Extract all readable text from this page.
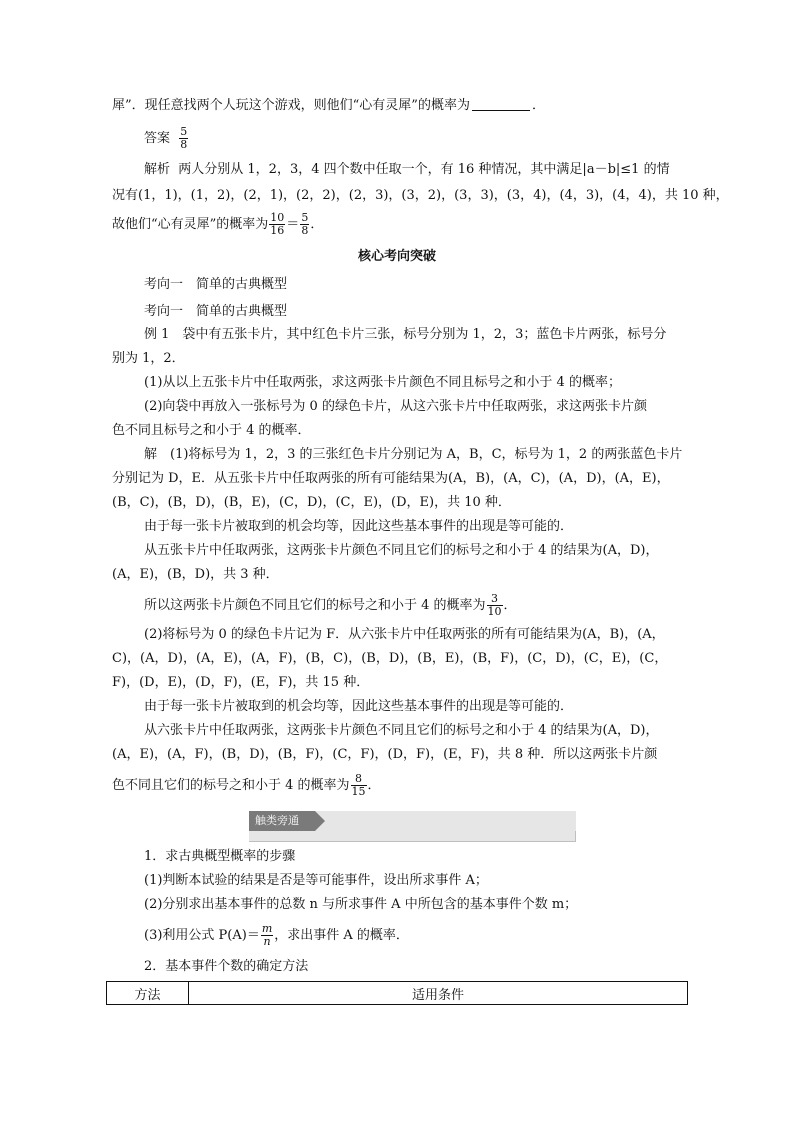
犀”．现任意找两个人玩这个游戏，则他们“心有灵犀”的概率为	．
答案 $\frac{5}{8}$
解析 两人分别从 1，2，3，4 四个数中任取一个，有 16 种情况，其中满足|a－b|≤1 的情
况有(1，1)，(1，2)，(2，1)，(2，2)，(2，3)，(3，2)，(3，3)，(3，4)，(4，3)，(4，4)，共 10 种，
故他们“心有灵犀”的概率为 $\frac{10}{16} = \frac{5}{8}$ ．
核心考向突破
考向一　简单的古典概型
考向一　简单的古典概型
例 1　袋中有五张卡片，其中红色卡片三张，标号分别为 1，2，3；蓝色卡片两张，标号分
别为 1，2．
(1)从以上五张卡片中任取两张，求这两张卡片颜色不同且标号之和小于 4 的概率；
(2)向袋中再放入一张标号为 0 的绿色卡片，从这六张卡片中任取两张，求这两张卡片颜
色不同且标号之和小于 4 的概率．
解　(1)将标号为 1，2，3 的三张红色卡片分别记为 A，B，C，标号为 1，2 的两张蓝色卡片
分别记为 D，E．从五张卡片中任取两张的所有可能结果为(A，B)，(A，C)，(A，D)，(A，E)，
(B，C)，(B，D)，(B，E)，(C，D)，(C，E)，(D，E)，共 10 种．
由于每一张卡片被取到的机会均等，因此这些基本事件的出现是等可能的．
从五张卡片中任取两张，这两张卡片颜色不同且它们的标号之和小于 4 的结果为(A，D)，
(A，E)，(B，D)，共 3 种．
所以这两张卡片颜色不同且它们的标号之和小于 4 的概率为 $\frac{3}{10}$ ．
(2)将标号为 0 的绿色卡片记为 F．从六张卡片中任取两张的所有可能结果为(A，B)，(A，
C)，(A，D)，(A，E)，(A，F)，(B，C)，(B，D)，(B，E)，(B，F)，(C，D)，(C，E)，(C，
F)，(D，E)，(D，F)，(E，F)，共 15 种．
由于每一张卡片被取到的机会均等，因此这些基本事件的出现是等可能的．
从六张卡片中任取两张，这两张卡片颜色不同且它们的标号之和小于 4 的结果为(A，D)，
(A，E)，(A，F)，(B，D)，(B，F)，(C，F)，(D，F)，(E，F)，共 8 种．所以这两张卡片颜
色不同且它们的标号之和小于 4 的概率为 $\frac{8}{15}$ ．
触类旁通
1．求古典概型概率的步骤
(1)判断本试验的结果是否是等可能事件，设出所求事件 A；
(2)分别求出基本事件的总数 n 与所求事件 A 中所包含的基本事件个数 m；
(3)利用公式 $P(A)= \frac{m}{n}$ ，求出事件 A 的概率．
2．基本事件个数的确定方法
方法	适用条件
